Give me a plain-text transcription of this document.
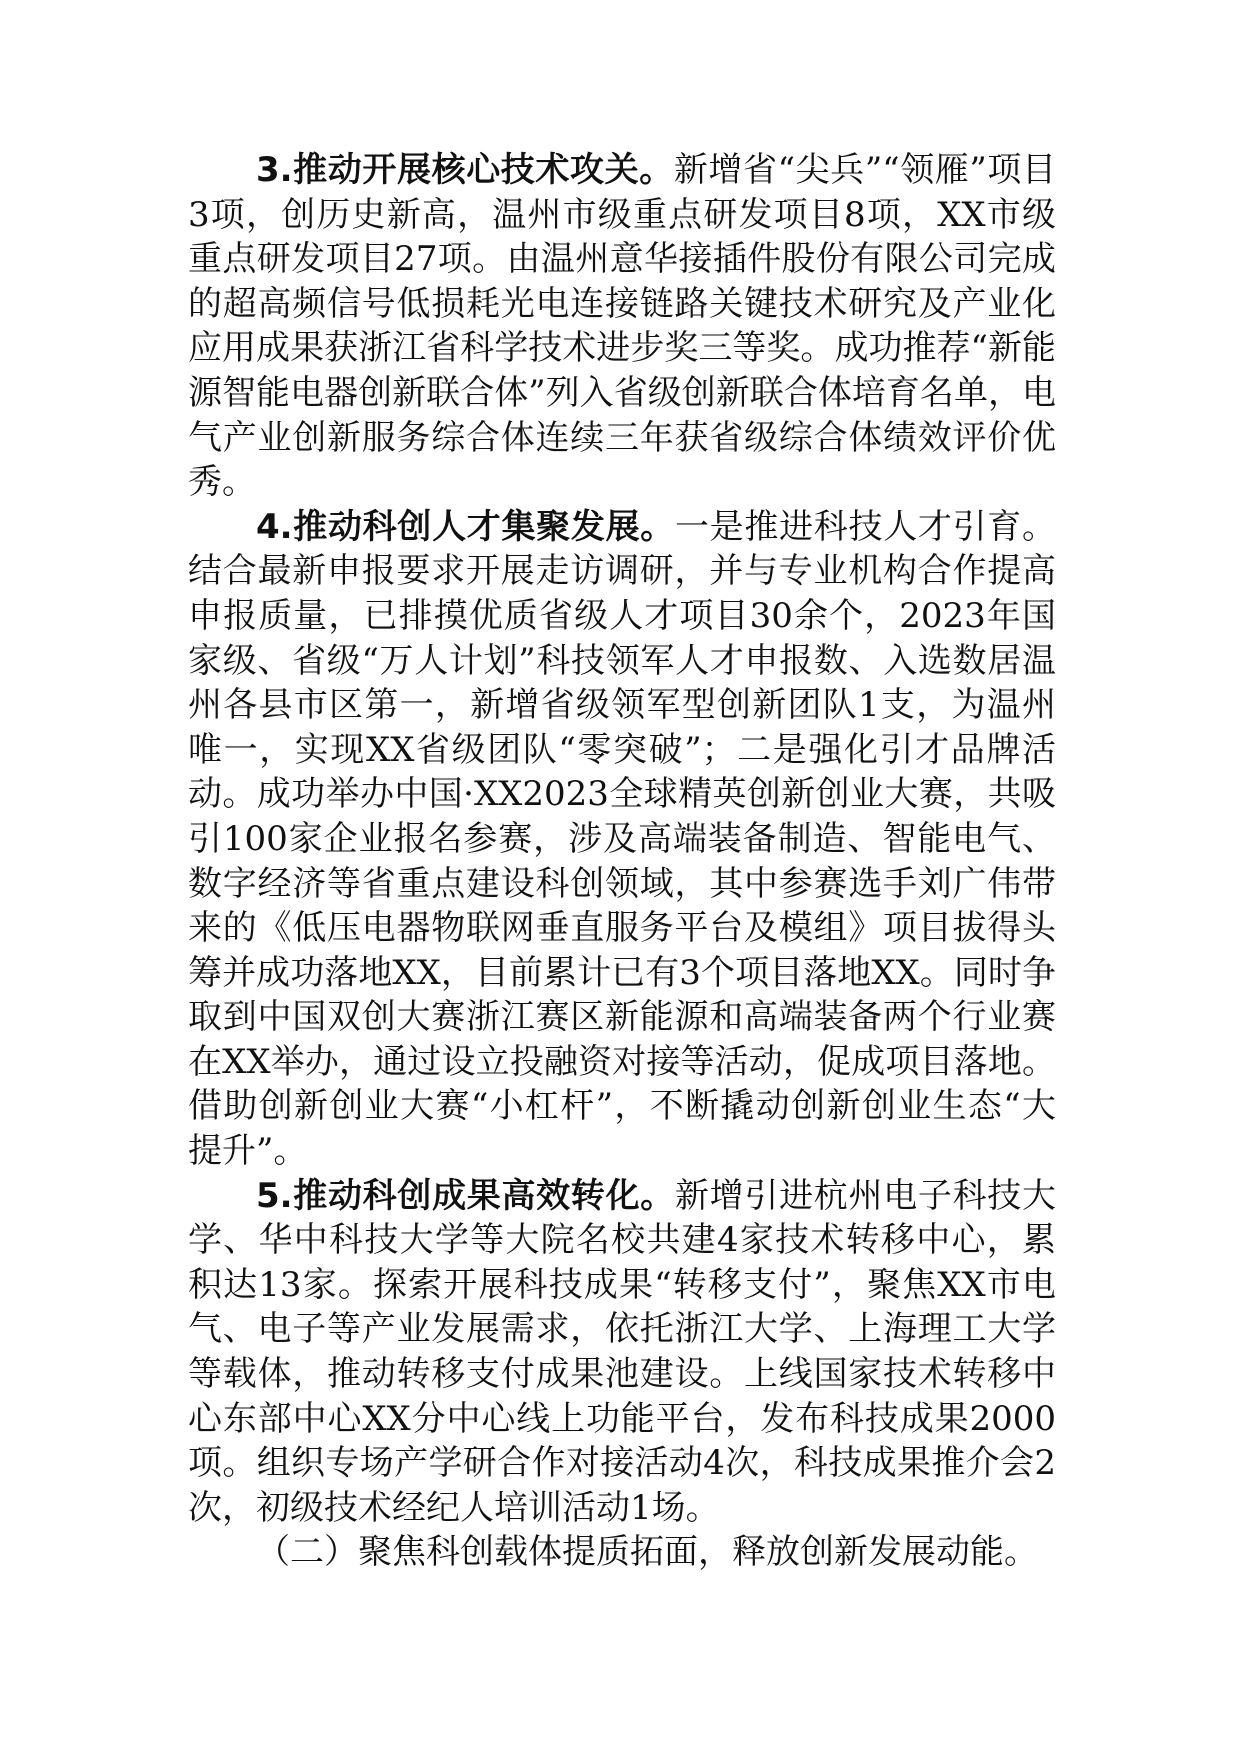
3.推动开展核心技术攻关。新增省“尖兵”“领雁”项目3项，创历史新高，温州市级重点研发项目8项，XX市级重点研发项目27项。由温州意华接插件股份有限公司完成的超高频信号低损耗光电连接链路关键技术研究及产业化应用成果获浙江省科学技术进步奖三等奖。成功推荐“新能源智能电器创新联合体”列入省级创新联合体培育名单，电气产业创新服务综合体连续三年获省级综合体绩效评价优秀。

4.推动科创人才集聚发展。一是推进科技人才引育。结合最新申报要求开展走访调研，并与专业机构合作提高申报质量，已排摸优质省级人才项目30余个，2023年国家级、省级“万人计划”科技领军人才申报数、入选数居温州各县市区第一，新增省级领军型创新团队1支，为温州唯一，实现XX省级团队“零突破”；二是强化引才品牌活动。成功举办中国·XX2023全球精英创新创业大赛，共吸引100家企业报名参赛，涉及高端装备制造、智能电气、数字经济等省重点建设科创领域，其中参赛选手刘广伟带来的《低压电器物联网垂直服务平台及模组》项目拔得头筹并成功落地XX，目前累计已有3个项目落地XX。同时争取到中国双创大赛浙江赛区新能源和高端装备两个行业赛在XX举办，通过设立投融资对接等活动，促成项目落地。借助创新创业大赛“小杠杆”，不断撬动创新创业生态“大提升”。

5.推动科创成果高效转化。新增引进杭州电子科技大学、华中科技大学等大院名校共建4家技术转移中心，累积达13家。探索开展科技成果“转移支付”，聚焦XX市电气、电子等产业发展需求，依托浙江大学、上海理工大学等载体，推动转移支付成果池建设。上线国家技术转移中心东部中心XX分中心线上功能平台，发布科技成果2000项。组织专场产学研合作对接活动4次，科技成果推介会2次，初级技术经纪人培训活动1场。

（二）聚焦科创载体提质拓面，释放创新发展动能。
